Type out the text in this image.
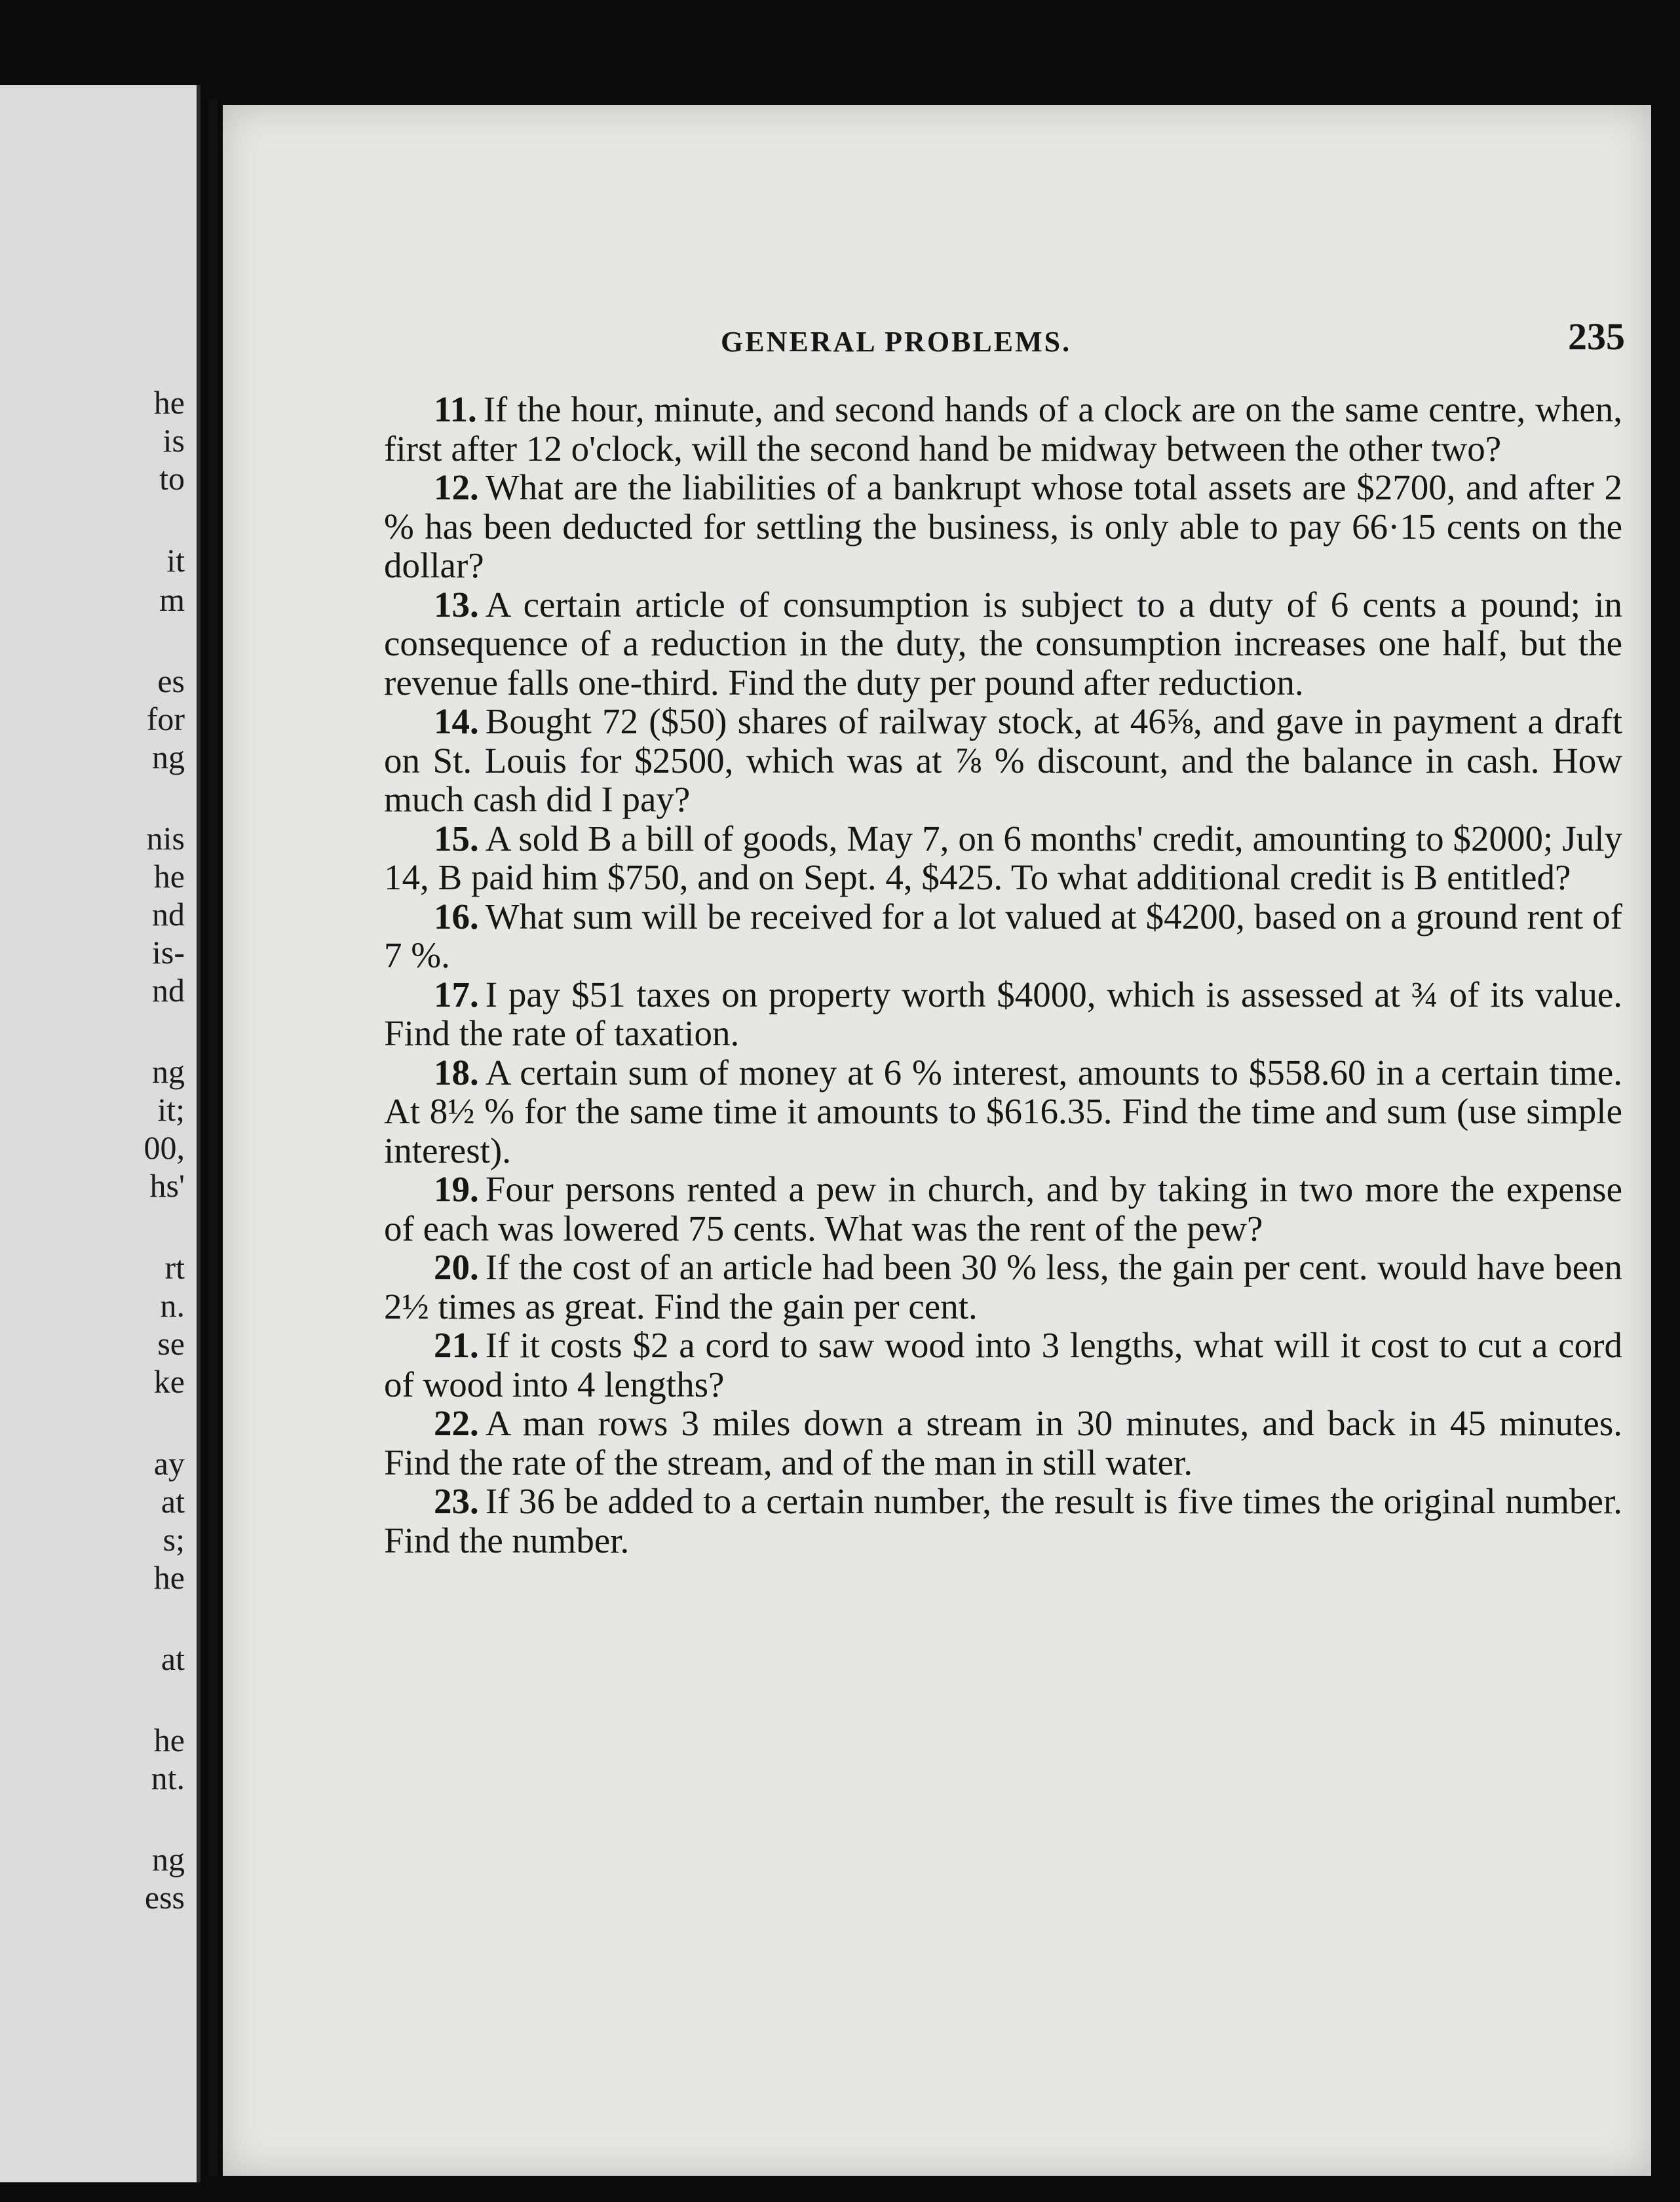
he
is
to
it
m
es
for
ng
nis
he
nd
is-
nd
ng
it;
00,
hs'
rt
n.
se
ke
ay
at
s;
he
at
he
nt.
ng
ess
GENERAL PROBLEMS.	235

11. If the hour, minute, and second hands of a clock are on the same centre, when, first after 12 o'clock, will the second hand be midway between the other two?

12. What are the liabilities of a bankrupt whose total assets are $2700, and after 2 % has been deducted for settling the business, is only able to pay 66·15 cents on the dollar?

13. A certain article of consumption is subject to a duty of 6 cents a pound; in consequence of a reduction in the duty, the consumption increases one half, but the revenue falls one-third. Find the duty per pound after reduction.

14. Bought 72 ($50) shares of railway stock, at 46⅝, and gave in payment a draft on St. Louis for $2500, which was at ⅞ % discount, and the balance in cash. How much cash did I pay?

15. A sold B a bill of goods, May 7, on 6 months' credit, amounting to $2000; July 14, B paid him $750, and on Sept. 4, $425. To what additional credit is B entitled?

16. What sum will be received for a lot valued at $4200, based on a ground rent of 7 %.

17. I pay $51 taxes on property worth $4000, which is assessed at ¾ of its value. Find the rate of taxation.

18. A certain sum of money at 6 % interest, amounts to $558.60 in a certain time. At 8½ % for the same time it amounts to $616.35. Find the time and sum (use simple interest).

19. Four persons rented a pew in church, and by taking in two more the expense of each was lowered 75 cents. What was the rent of the pew?

20. If the cost of an article had been 30 % less, the gain per cent. would have been 2½ times as great. Find the gain per cent.

21. If it costs $2 a cord to saw wood into 3 lengths, what will it cost to cut a cord of wood into 4 lengths?

22. A man rows 3 miles down a stream in 30 minutes, and back in 45 minutes. Find the rate of the stream, and of the man in still water.

23. If 36 be added to a certain number, the result is five times the original number. Find the number.
